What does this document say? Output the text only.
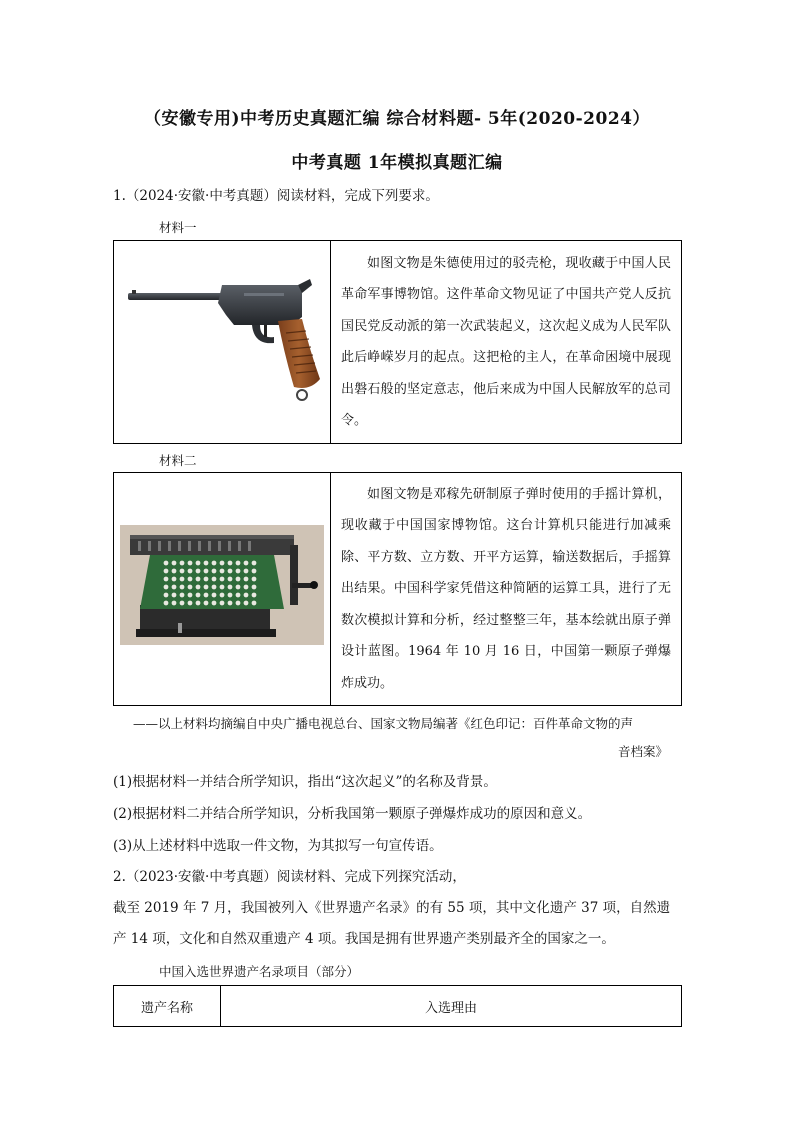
（安徽专用)中考历史真题汇编 综合材料题- 5年(2020-2024）
中考真题 1年模拟真题汇编
1.（2024·安徽·中考真题）阅读材料，完成下列要求。
材料一

如图文物是朱德使用过的驳壳枪，现收藏于中国人民革命军事博物馆。这件革命文物见证了中国共产党人反抗国民党反动派的第一次武装起义，这次起义成为人民军队此后峥嵘岁月的起点。这把枪的主人，在革命困境中展现出磐石般的坚定意志，他后来成为中国人民解放军的总司令。

材料二

如图文物是邓稼先研制原子弹时使用的手摇计算机，现收藏于中国国家博物馆。这台计算机只能进行加减乘除、平方数、立方数、开平方运算，输送数据后，手摇算出结果。中国科学家凭借这种简陋的运算工具，进行了无数次模拟计算和分析，经过整整三年，基本绘就出原子弹设计蓝图。1964 年 10 月 16 日，中国第一颗原子弹爆炸成功。

——以上材料均摘编自中央广播电视总台、国家文物局编著《红色印记：百件革命文物的声
音档案》
(1)根据材料一并结合所学知识，指出“这次起义”的名称及背景。
(2)根据材料二并结合所学知识，分析我国第一颗原子弹爆炸成功的原因和意义。
(3)从上述材料中选取一件文物，为其拟写一句宣传语。
2.（2023·安徽·中考真题）阅读材料、完成下列探究活动，
截至 2019 年 7 月，我国被列入《世界遗产名录》的有 55 项，其中文化遗产 37 项，自然遗
产 14 项，文化和自然双重遗产 4 项。我国是拥有世界遗产类别最齐全的国家之一。
中国入选世界遗产名录项目（部分）
遗产名称	入选理由
